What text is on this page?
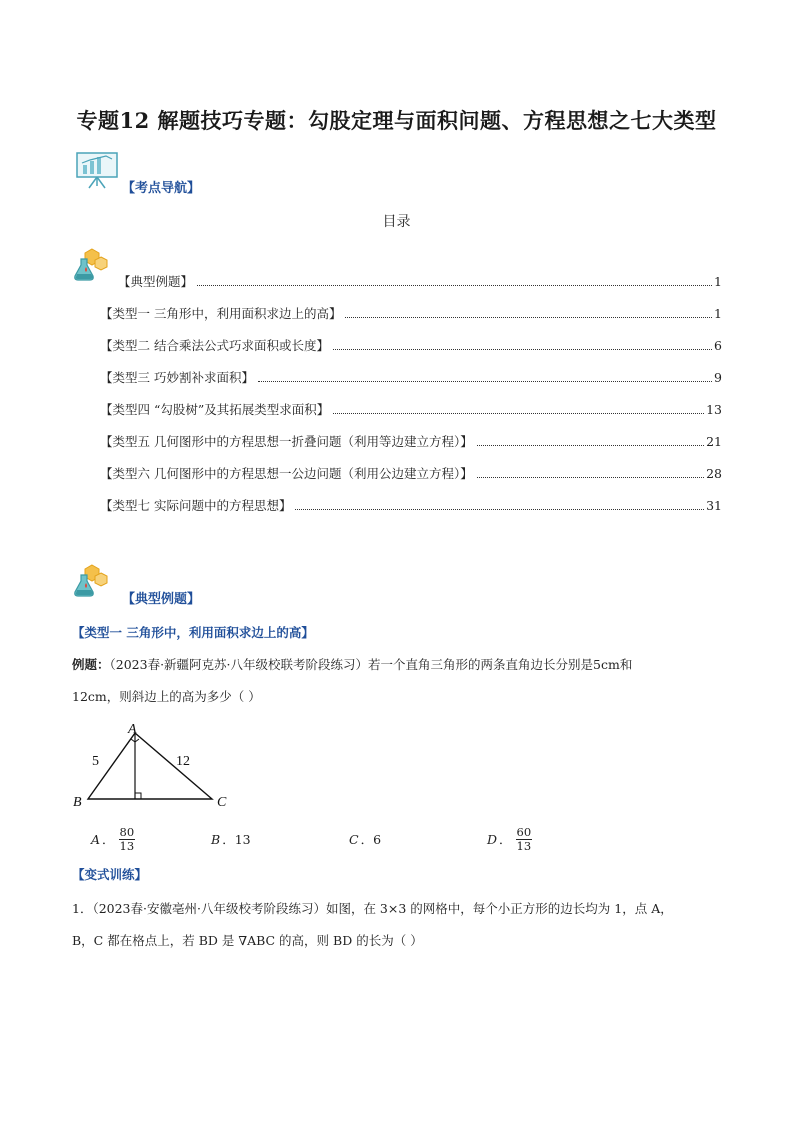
专题12 解题技巧专题：勾股定理与面积问题、方程思想之七大类型
【考点导航】
目录
【典型例题】	1
【类型一 三角形中，利用面积求边上的高】	1
【类型二 结合乘法公式巧求面积或长度】	6
【类型三 巧妙割补求面积】	9
【类型四 “勾股树”及其拓展类型求面积】	13
【类型五 几何图形中的方程思想一折叠问题（利用等边建立方程）】	21
【类型六 几何图形中的方程思想一公边问题（利用公边建立方程）】	28
【类型七 实际问题中的方程思想】	31
【典型例题】
【类型一 三角形中，利用面积求边上的高】
例题：（2023春·新疆阿克苏·八年级校联考阶段练习）若一个直角三角形的两条直角边长分别是5cm和
12cm，则斜边上的高为多少（ ）
A
B	C
5	12
A ． $\frac{80}{13}$	B ． 13	C ． 6	D ． $\frac{60}{13}$
【变式训练】
1．（2023春·安徽亳州·八年级校考阶段练习）如图，在 3×3 的网格中，每个小正方形的边长均为 1，点 A，
B，C 都在格点上，若 BD 是 ∇ABC 的高，则 BD 的长为（ ）
